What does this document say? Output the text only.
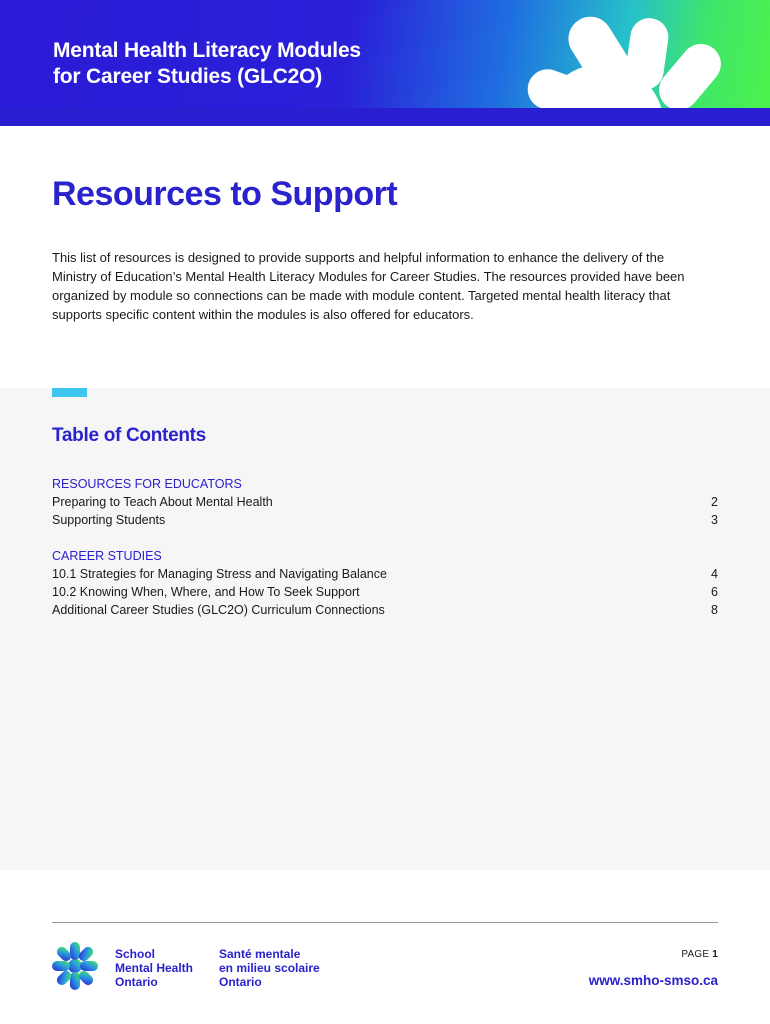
Mental Health Literacy Modules
for Career Studies (GLC2O)
Resources to Support

This list of resources is designed to provide supports and helpful information to enhance the delivery of the Ministry of Education’s Mental Health Literacy Modules for Career Studies. The resources provided have been organized by module so connections can be made with module content. Targeted mental health literacy that supports specific content within the modules is also offered for educators.

Table of Contents

RESOURCES FOR EDUCATORS

Preparing to Teach About Mental Health	2
Supporting Students	3

CAREER STUDIES

10.1 Strategies for Managing Stress and Navigating Balance	4
10.2 Knowing When, Where, and How To Seek Support	6
Additional Career Studies (GLC2O) Curriculum Connections	8

School
Mental Health
Ontario

Santé mentale
en milieu scolaire
Ontario

PAGE 1
www.smho-smso.ca
